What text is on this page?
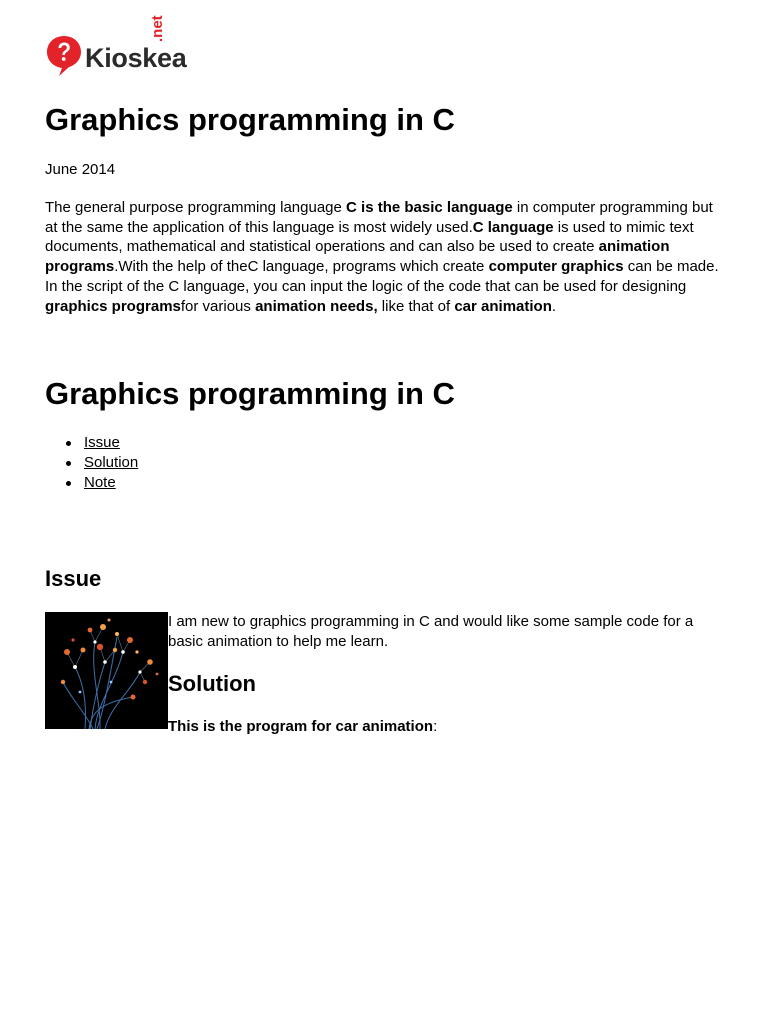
Kioskea
.net
Graphics programming in C
June 2014

The general purpose programming language C is the basic language in computer programming but at the same the application of this language is most widely used.C language is used to mimic text documents, mathematical and statistical operations and can also be used to create animation programs.With the help of theC language, programs which create computer graphics can be made. In the script of the C language, you can input the logic of the code that can be used for designing graphics programsfor various animation needs, like that of car animation.

Graphics programming in C
Issue
Solution
Note
Issue

I am new to graphics programming in C and would like some sample code for a basic animation to help me learn.

Solution

This is the program for car animation:
